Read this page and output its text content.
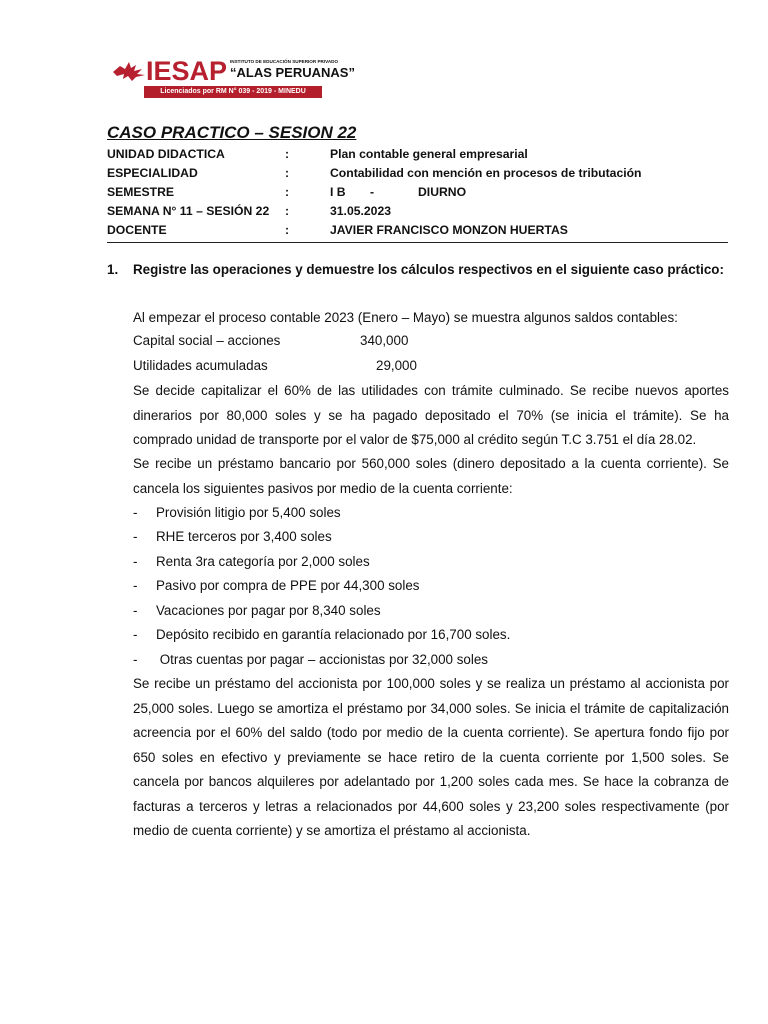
IESAP INSTITUTO DE EDUCACIÓN SUPERIOR PRIVADO
“ALAS PERUANAS”
Licenciados por RM N° 039 - 2019 - MINEDU
CASO PRACTICO – SESION 22
UNIDAD DIDACTICA	:	Plan contable general empresarial
ESPECIALIDAD	:	Contabilidad con mención en procesos de tributación
SEMESTRE	:	I B -	DIURNO
SEMANA N° 11 – SESIÓN 22 :	31.05.2023
DOCENTE	:	JAVIER FRANCISCO MONZON HUERTAS
1. Registre las operaciones y demuestre los cálculos respectivos en el siguiente caso práctico:
Al empezar el proceso contable 2023 (Enero – Mayo) se muestra algunos saldos contables:
Capital social – acciones	340,000
Utilidades acumuladas	29,000
Se decide capitalizar el 60% de las utilidades con trámite culminado. Se recibe nuevos aportes dinerarios por 80,000 soles y se ha pagado depositado el 70% (se inicia el trámite). Se ha comprado unidad de transporte por el valor de $75,000 al crédito según T.C 3.751 el día 28.02.
Se recibe un préstamo bancario por 560,000 soles (dinero depositado a la cuenta corriente). Se cancela los siguientes pasivos por medio de la cuenta corriente:
- Provisión litigio por 5,400 soles
- RHE terceros por 3,400 soles
- Renta 3ra categoría por 2,000 soles
- Pasivo por compra de PPE por 44,300 soles
- Vacaciones por pagar por 8,340 soles
- Depósito recibido en garantía relacionado por 16,700 soles.
- Otras cuentas por pagar – accionistas por 32,000 soles
Se recibe un préstamo del accionista por 100,000 soles y se realiza un préstamo al accionista por 25,000 soles. Luego se amortiza el préstamo por 34,000 soles. Se inicia el trámite de capitalización acreencia por el 60% del saldo (todo por medio de la cuenta corriente). Se apertura fondo fijo por 650 soles en efectivo y previamente se hace retiro de la cuenta corriente por 1,500 soles. Se cancela por bancos alquileres por adelantado por 1,200 soles cada mes. Se hace la cobranza de facturas a terceros y letras a relacionados por 44,600 soles y 23,200 soles respectivamente (por medio de cuenta corriente) y se amortiza el préstamo al accionista.
